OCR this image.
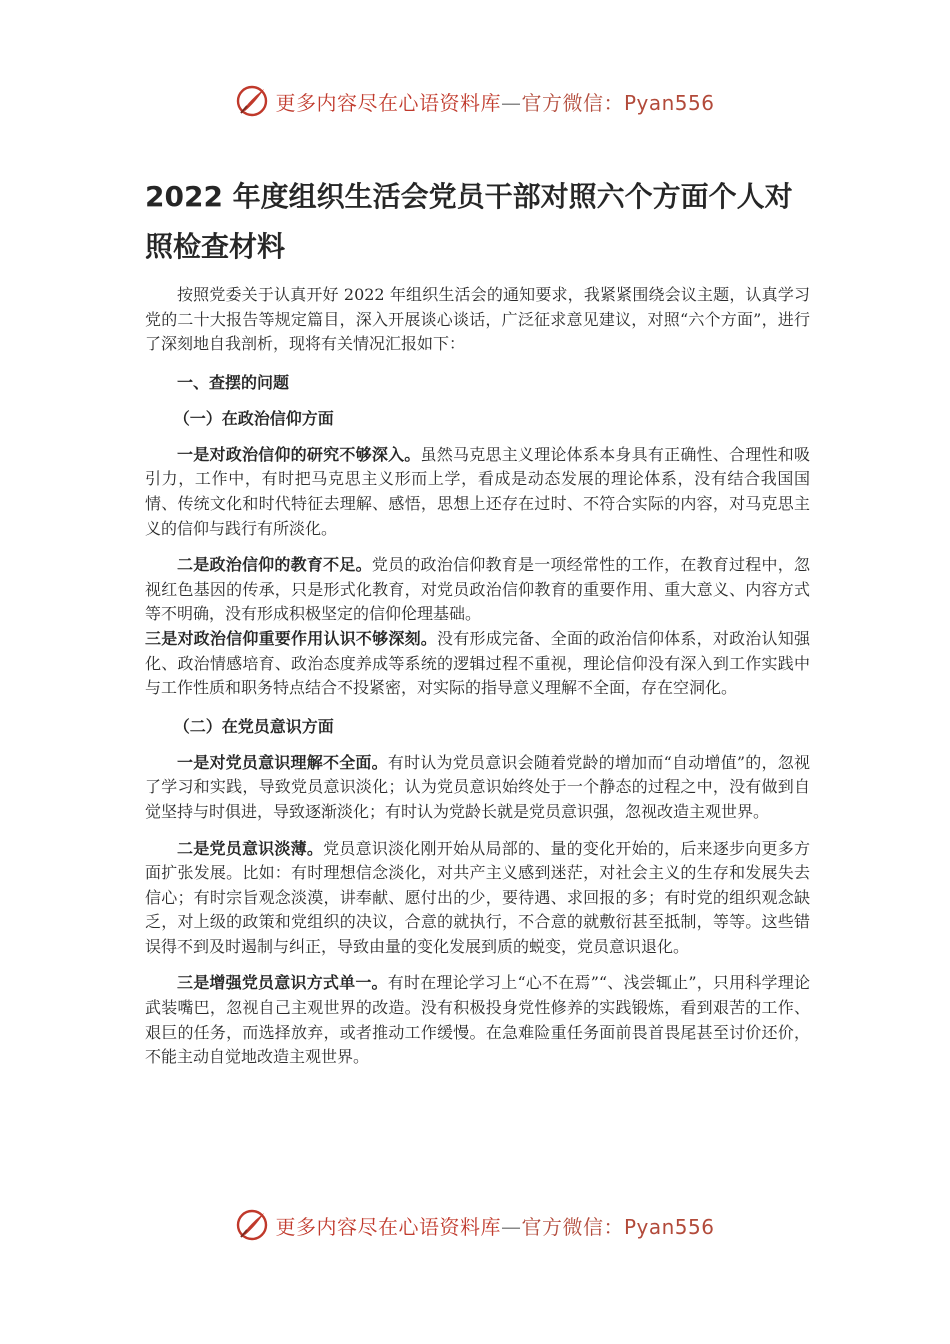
更多内容尽在心语资料库—官方微信：Pyan556
2022 年度组织生活会党员干部对照六个方面个人对照检查材料

按照党委关于认真开好 2022 年组织生活会的通知要求，我紧紧围绕会议主题，认真学习党的二十大报告等规定篇目，深入开展谈心谈话，广泛征求意见建议，对照“六个方面”，进行了深刻地自我剖析，现将有关情况汇报如下：

一、查摆的问题
（一）在政治信仰方面

一是对政治信仰的研究不够深入。虽然马克思主义理论体系本身具有正确性、合理性和吸引力，工作中，有时把马克思主义形而上学，看成是动态发展的理论体系，没有结合我国国情、传统文化和时代特征去理解、感悟，思想上还存在过时、不符合实际的内容，对马克思主义的信仰与践行有所淡化。

二是政治信仰的教育不足。党员的政治信仰教育是一项经常性的工作，在教育过程中，忽视红色基因的传承，只是形式化教育，对党员政治信仰教育的重要作用、重大意义、内容方式等不明确，没有形成积极坚定的信仰伦理基础。

三是对政治信仰重要作用认识不够深刻。没有形成完备、全面的政治信仰体系，对政治认知强化、政治情感培育、政治态度养成等系统的逻辑过程不重视，理论信仰没有深入到工作实践中与工作性质和职务特点结合不投紧密，对实际的指导意义理解不全面，存在空洞化。

（二）在党员意识方面

一是对党员意识理解不全面。有时认为党员意识会随着党龄的增加而“自动增值”的，忽视了学习和实践，导致党员意识淡化；认为党员意识始终处于一个静态的过程之中，没有做到自觉坚持与时俱进，导致逐渐淡化；有时认为党龄长就是党员意识强，忽视改造主观世界。

二是党员意识淡薄。党员意识淡化刚开始从局部的、量的变化开始的，后来逐步向更多方面扩张发展。比如：有时理想信念淡化，对共产主义感到迷茫，对社会主义的生存和发展失去信心；有时宗旨观念淡漠，讲奉献、愿付出的少，要待遇、求回报的多；有时党的组织观念缺乏，对上级的政策和党组织的决议，合意的就执行，不合意的就敷衍甚至抵制，等等。这些错误得不到及时遏制与纠正，导致由量的变化发展到质的蜕变，党员意识退化。

三是增强党员意识方式单一。有时在理论学习上“心不在焉”“、浅尝辄止”，只用科学理论武装嘴巴，忽视自己主观世界的改造。没有积极投身党性修养的实践锻炼，看到艰苦的工作、艰巨的任务，而选择放弃，或者推动工作缓慢。在急难险重任务面前畏首畏尾甚至讨价还价，不能主动自觉地改造主观世界。

更多内容尽在心语资料库—官方微信：Pyan556
